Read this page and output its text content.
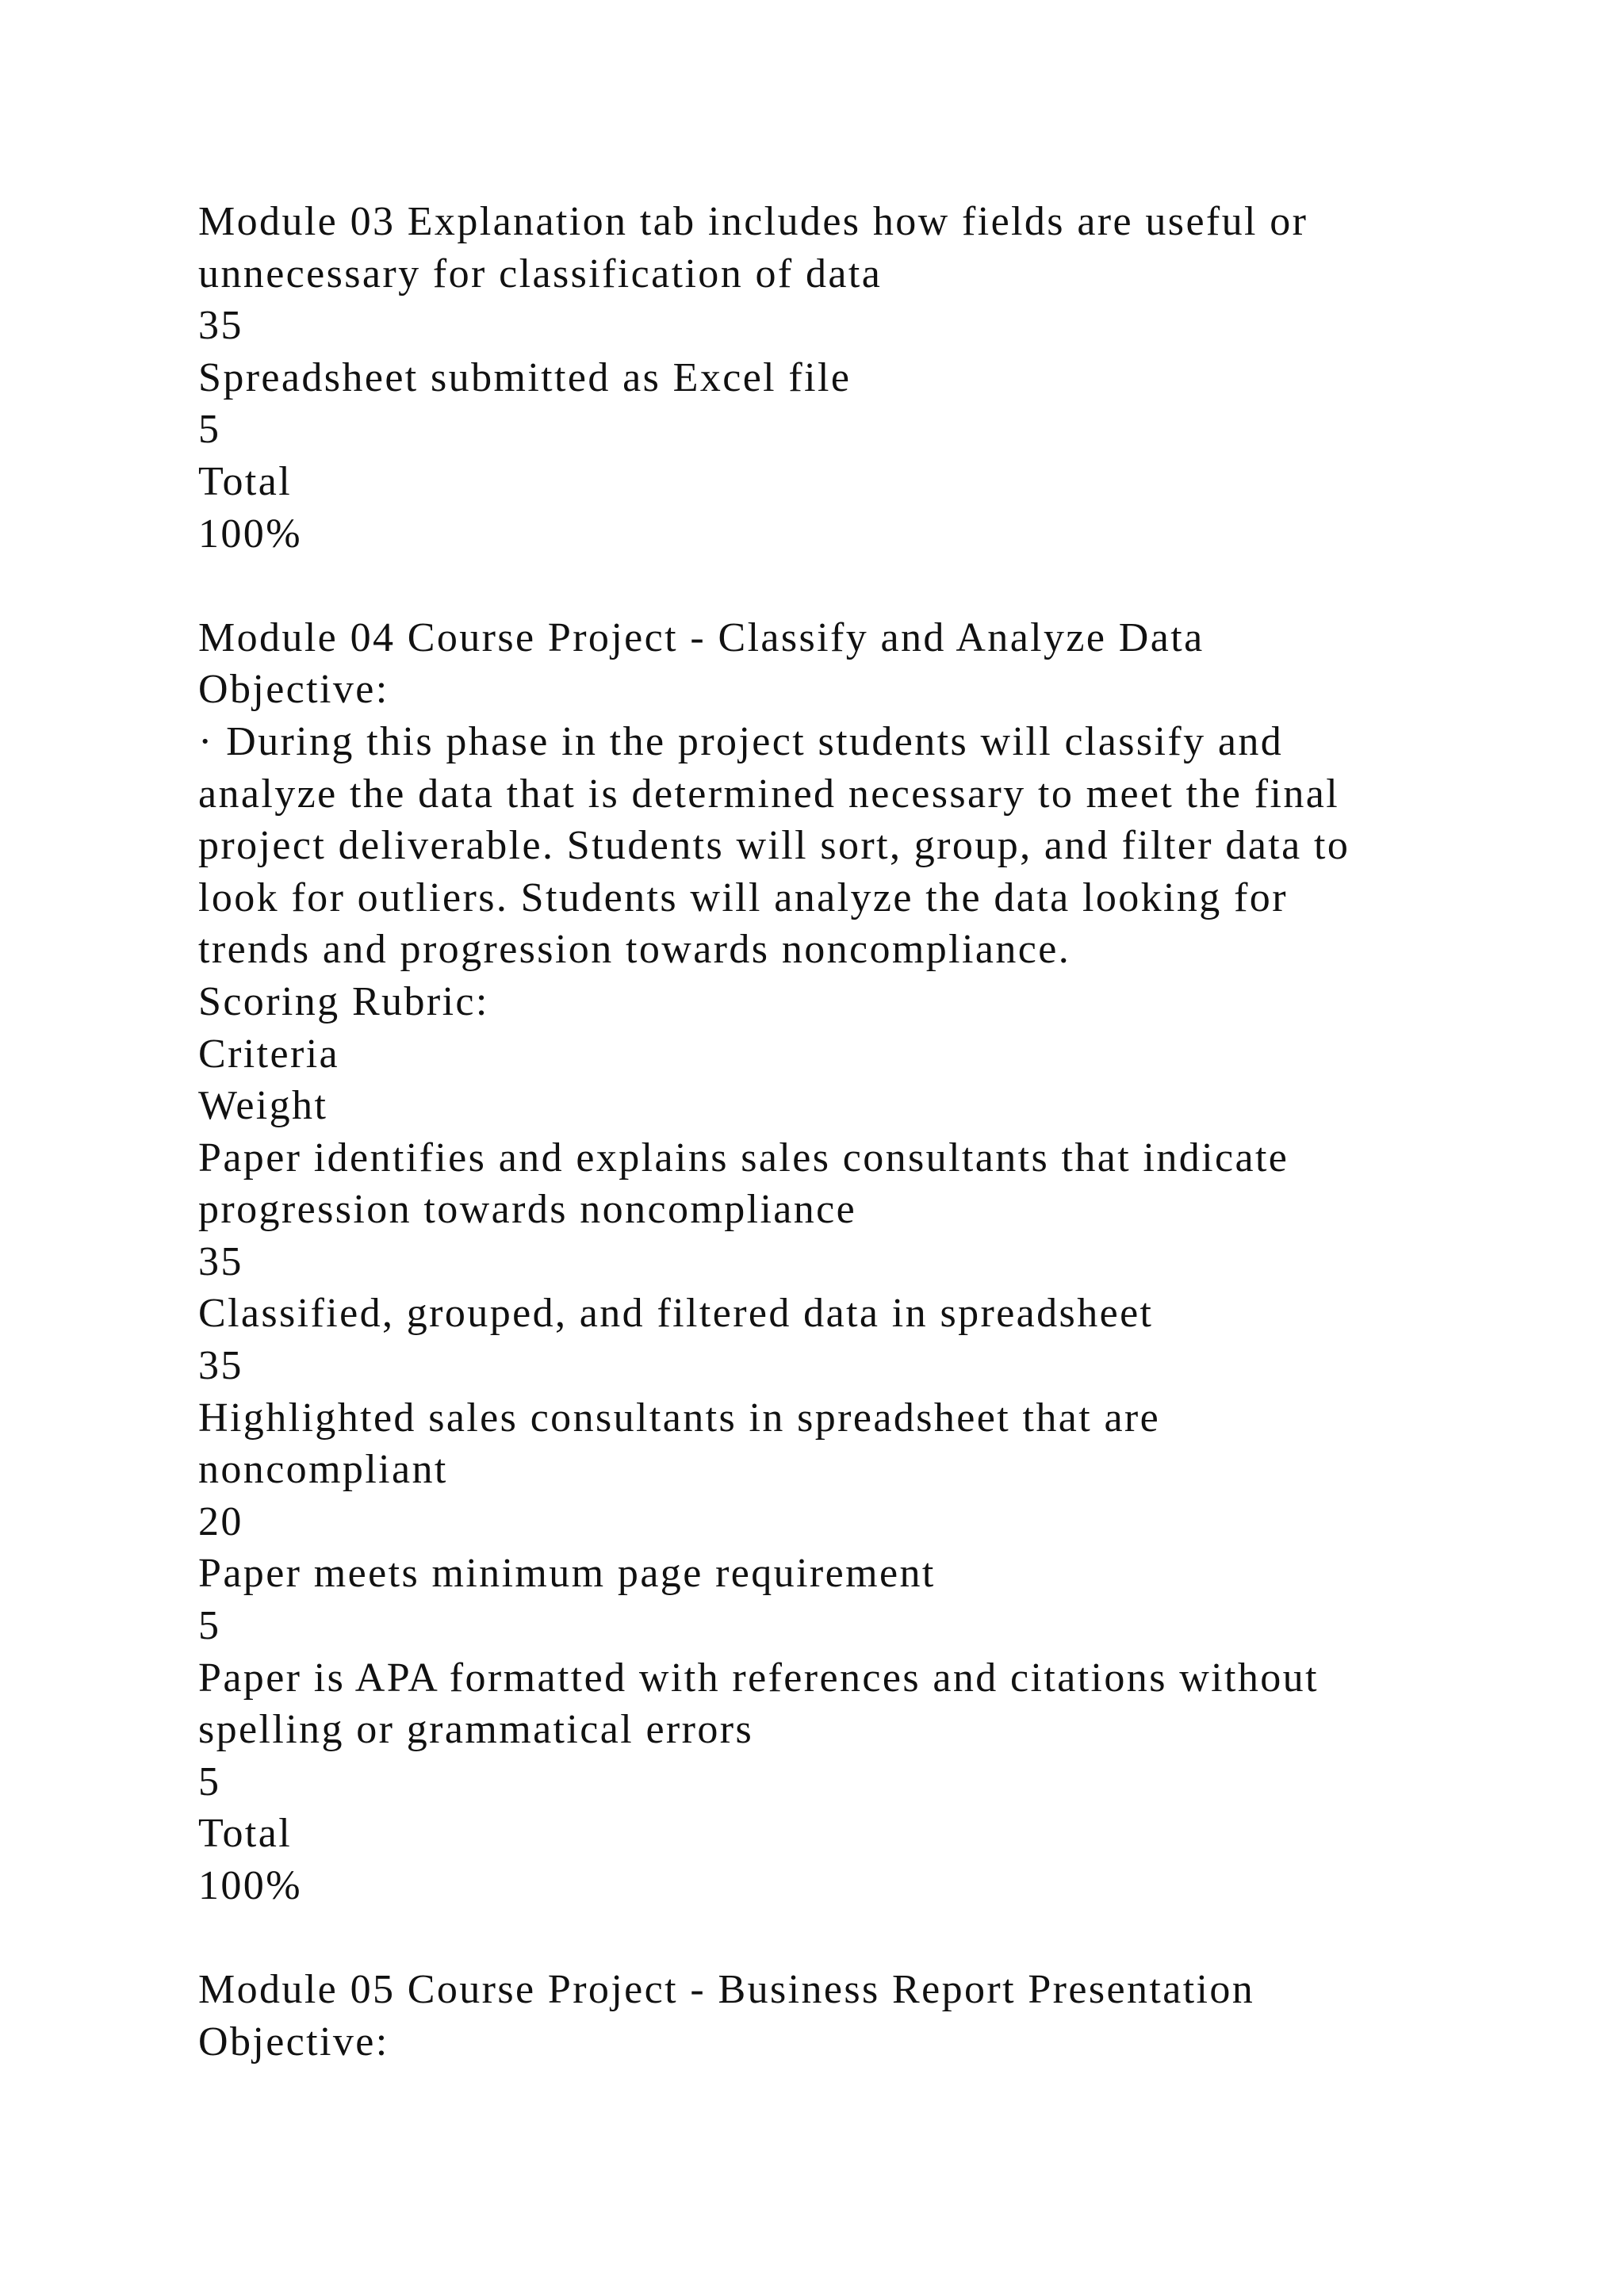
Module 03 Explanation tab includes how fields are useful or
unnecessary for classification of data
35
Spreadsheet submitted as Excel file
5
Total
100%
Module 04 Course Project - Classify and Analyze Data
Objective:
· During this phase in the project students will classify and
analyze the data that is determined necessary to meet the final
project deliverable. Students will sort, group, and filter data to
look for outliers. Students will analyze the data looking for
trends and progression towards noncompliance.
Scoring Rubric:
Criteria
Weight
Paper identifies and explains sales consultants that indicate
progression towards noncompliance
35
Classified, grouped, and filtered data in spreadsheet
35
Highlighted sales consultants in spreadsheet that are
noncompliant
20
Paper meets minimum page requirement
5
Paper is APA formatted with references and citations without
spelling or grammatical errors
5
Total
100%
Module 05 Course Project - Business Report Presentation
Objective:
